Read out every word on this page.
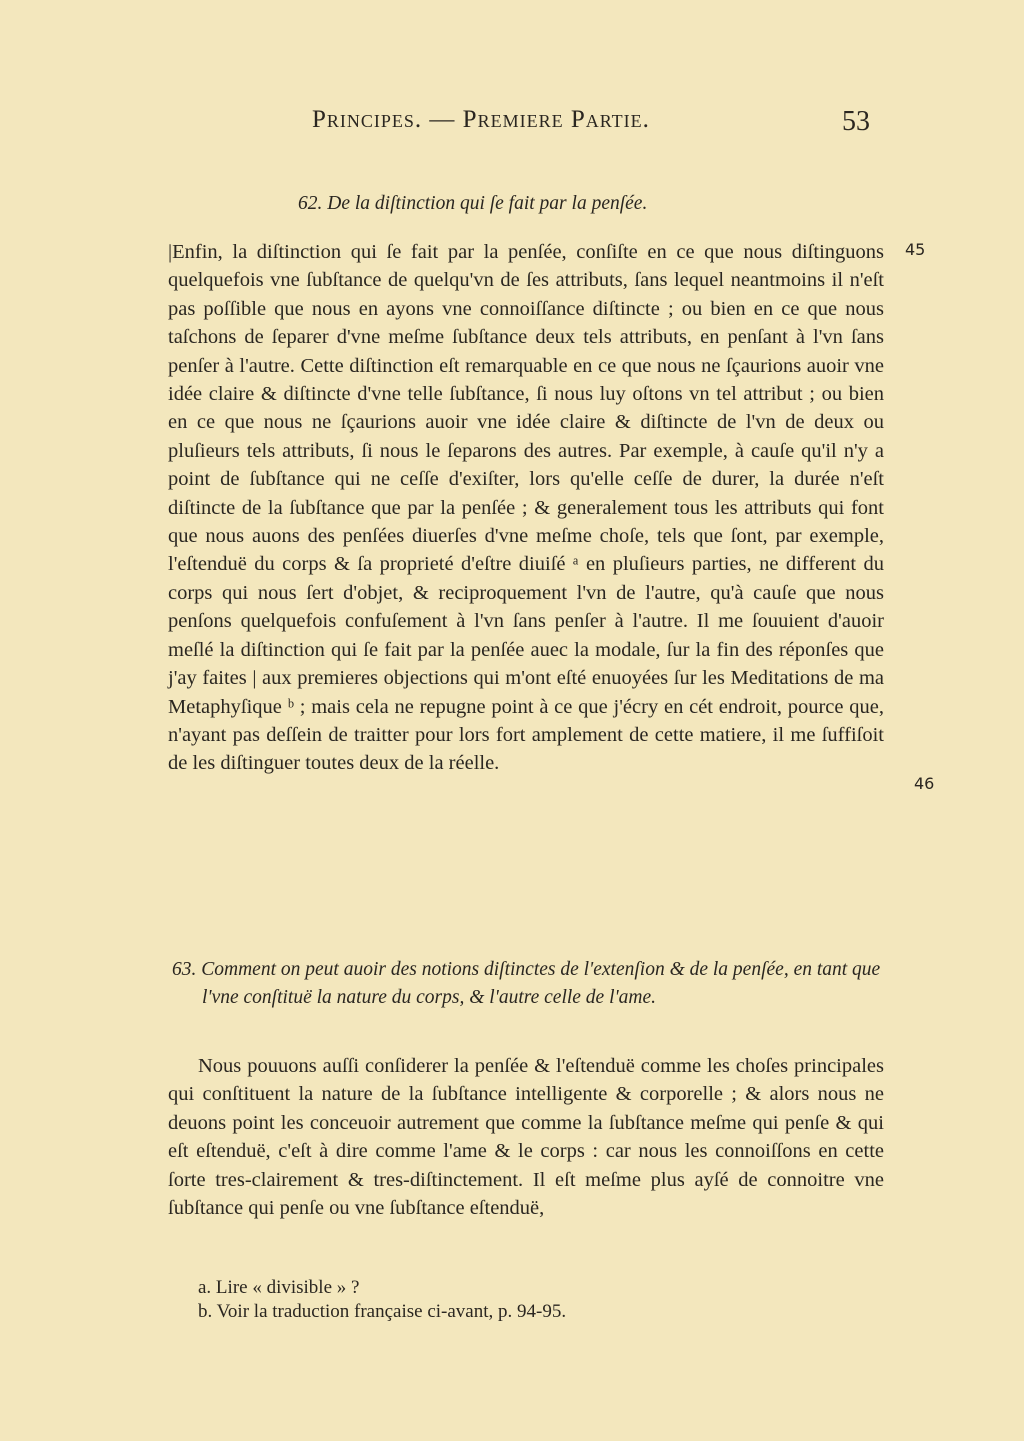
Principes. — Premiere Partie.	53
62. De la diſtinction qui ſe fait par la penſée.

|Enfin, la diſtinction qui ſe fait par la penſée, conſiſte en ce que nous diſtinguons quelquefois vne ſubſtance de quelqu'vn de ſes attributs, ſans lequel neantmoins il n'eſt pas poſſible que nous en ayons vne connoiſſance diſtincte ; ou bien en ce que nous taſchons de ſeparer d'vne meſme ſubſtance deux tels attributs, en penſant à l'vn ſans penſer à l'autre. Cette diſtinction eſt remarquable en ce que nous ne ſçaurions auoir vne idée claire & diſtincte d'vne telle ſubſtance, ſi nous luy oſtons vn tel attribut ; ou bien en ce que nous ne ſçaurions auoir vne idée claire & diſtincte de l'vn de deux ou pluſieurs tels attributs, ſi nous le ſeparons des autres. Par exemple, à cauſe qu'il n'y a point de ſubſtance qui ne ceſſe d'exiſter, lors qu'elle ceſſe de durer, la durée n'eſt diſtincte de la ſubſtance que par la penſée ; & generalement tous les attributs qui font que nous auons des penſées diuerſes d'vne meſme choſe, tels que ſont, par exemple, l'eſtenduë du corps & ſa proprieté d'eſtre diuiſé ᵃ en pluſieurs parties, ne different du corps qui nous ſert d'objet, & reciproquement l'vn de l'autre, qu'à cauſe que nous penſons quelquefois confuſement à l'vn ſans penſer à l'autre. Il me ſouuient d'auoir meſlé la diſtinction qui ſe fait par la penſée auec la modale, ſur la fin des réponſes que j'ay faites | aux premieres objections qui m'ont eſté enuoyées ſur les Meditations de ma Metaphyſique ᵇ ; mais cela ne repugne point à ce que j'écry en cét endroit, pource que, n'ayant pas deſſein de traitter pour lors fort amplement de cette matiere, il me ſuffiſoit de les diſtinguer toutes deux de la réelle.

45
46
63. Comment on peut auoir des notions diſtinctes de l'extenſion & de la penſée, en tant que l'vne conſtituë la nature du corps, & l'autre celle de l'ame.

Nous pouuons auſſi conſiderer la penſée & l'eſtenduë comme les choſes principales qui conſtituent la nature de la ſubſtance intelligente & corporelle ; & alors nous ne deuons point les conceuoir autrement que comme la ſubſtance meſme qui penſe & qui eſt eſtenduë, c'eſt à dire comme l'ame & le corps : car nous les connoiſſons en cette ſorte tres-clairement & tres-diſtinctement. Il eſt meſme plus ayſé de connoitre vne ſubſtance qui penſe ou vne ſubſtance eſtenduë,

a. Lire « divisible » ?
b. Voir la traduction française ci-avant, p. 94-95.
